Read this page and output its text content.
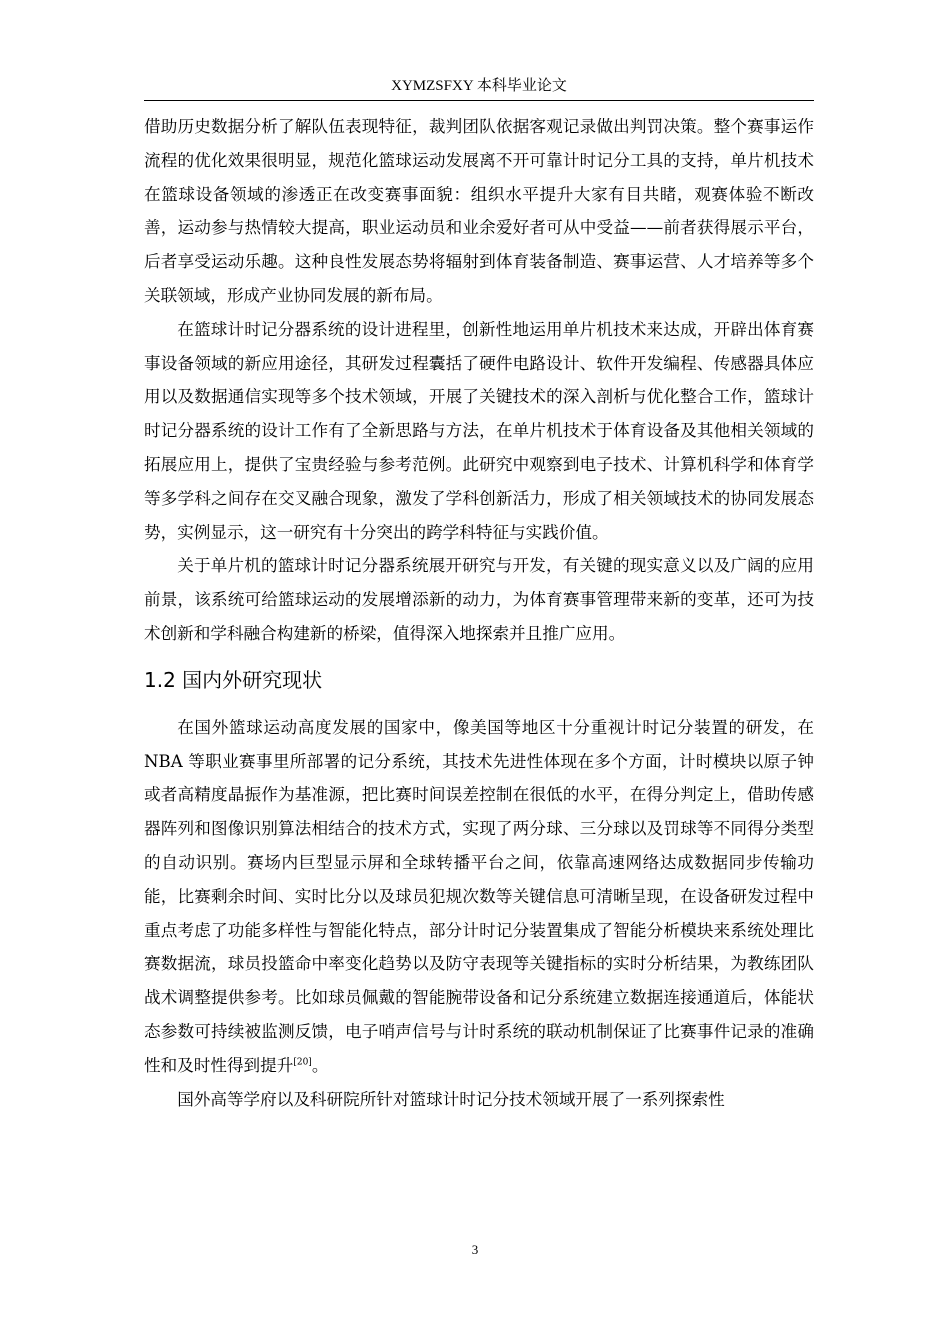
XYMZSFXY 本科毕业论文

借助历史数据分析了解队伍表现特征，裁判团队依据客观记录做出判罚决策。整个赛事运作流程的优化效果很明显，规范化篮球运动发展离不开可靠计时记分工具的支持，单片机技术在篮球设备领域的渗透正在改变赛事面貌：组织水平提升大家有目共睹，观赛体验不断改善，运动参与热情较大提高，职业运动员和业余爱好者可从中受益——前者获得展示平台，后者享受运动乐趣。这种良性发展态势将辐射到体育装备制造、赛事运营、人才培养等多个关联领域，形成产业协同发展的新布局。

在篮球计时记分器系统的设计进程里，创新性地运用单片机技术来达成，开辟出体育赛事设备领域的新应用途径，其研发过程囊括了硬件电路设计、软件开发编程、传感器具体应用以及数据通信实现等多个技术领域，开展了关键技术的深入剖析与优化整合工作，篮球计时记分器系统的设计工作有了全新思路与方法，在单片机技术于体育设备及其他相关领域的拓展应用上，提供了宝贵经验与参考范例。此研究中观察到电子技术、计算机科学和体育学等多学科之间存在交叉融合现象，激发了学科创新活力，形成了相关领域技术的协同发展态势，实例显示，这一研究有十分突出的跨学科特征与实践价值。

关于单片机的篮球计时记分器系统展开研究与开发，有关键的现实意义以及广阔的应用前景，该系统可给篮球运动的发展增添新的动力，为体育赛事管理带来新的变革，还可为技术创新和学科融合构建新的桥梁，值得深入地探索并且推广应用。

1.2 国内外研究现状

在国外篮球运动高度发展的国家中，像美国等地区十分重视计时记分装置的研发，在 NBA 等职业赛事里所部署的记分系统，其技术先进性体现在多个方面，计时模块以原子钟或者高精度晶振作为基准源，把比赛时间误差控制在很低的水平，在得分判定上，借助传感器阵列和图像识别算法相结合的技术方式，实现了两分球、三分球以及罚球等不同得分类型的自动识别。赛场内巨型显示屏和全球转播平台之间，依靠高速网络达成数据同步传输功能，比赛剩余时间、实时比分以及球员犯规次数等关键信息可清晰呈现，在设备研发过程中重点考虑了功能多样性与智能化特点，部分计时记分装置集成了智能分析模块来系统处理比赛数据流，球员投篮命中率变化趋势以及防守表现等关键指标的实时分析结果，为教练团队战术调整提供参考。比如球员佩戴的智能腕带设备和记分系统建立数据连接通道后，体能状态参数可持续被监测反馈，电子哨声信号与计时系统的联动机制保证了比赛事件记录的准确性和及时性得到提升[20]。

国外高等学府以及科研院所针对篮球计时记分技术领域开展了一系列探索性

3
